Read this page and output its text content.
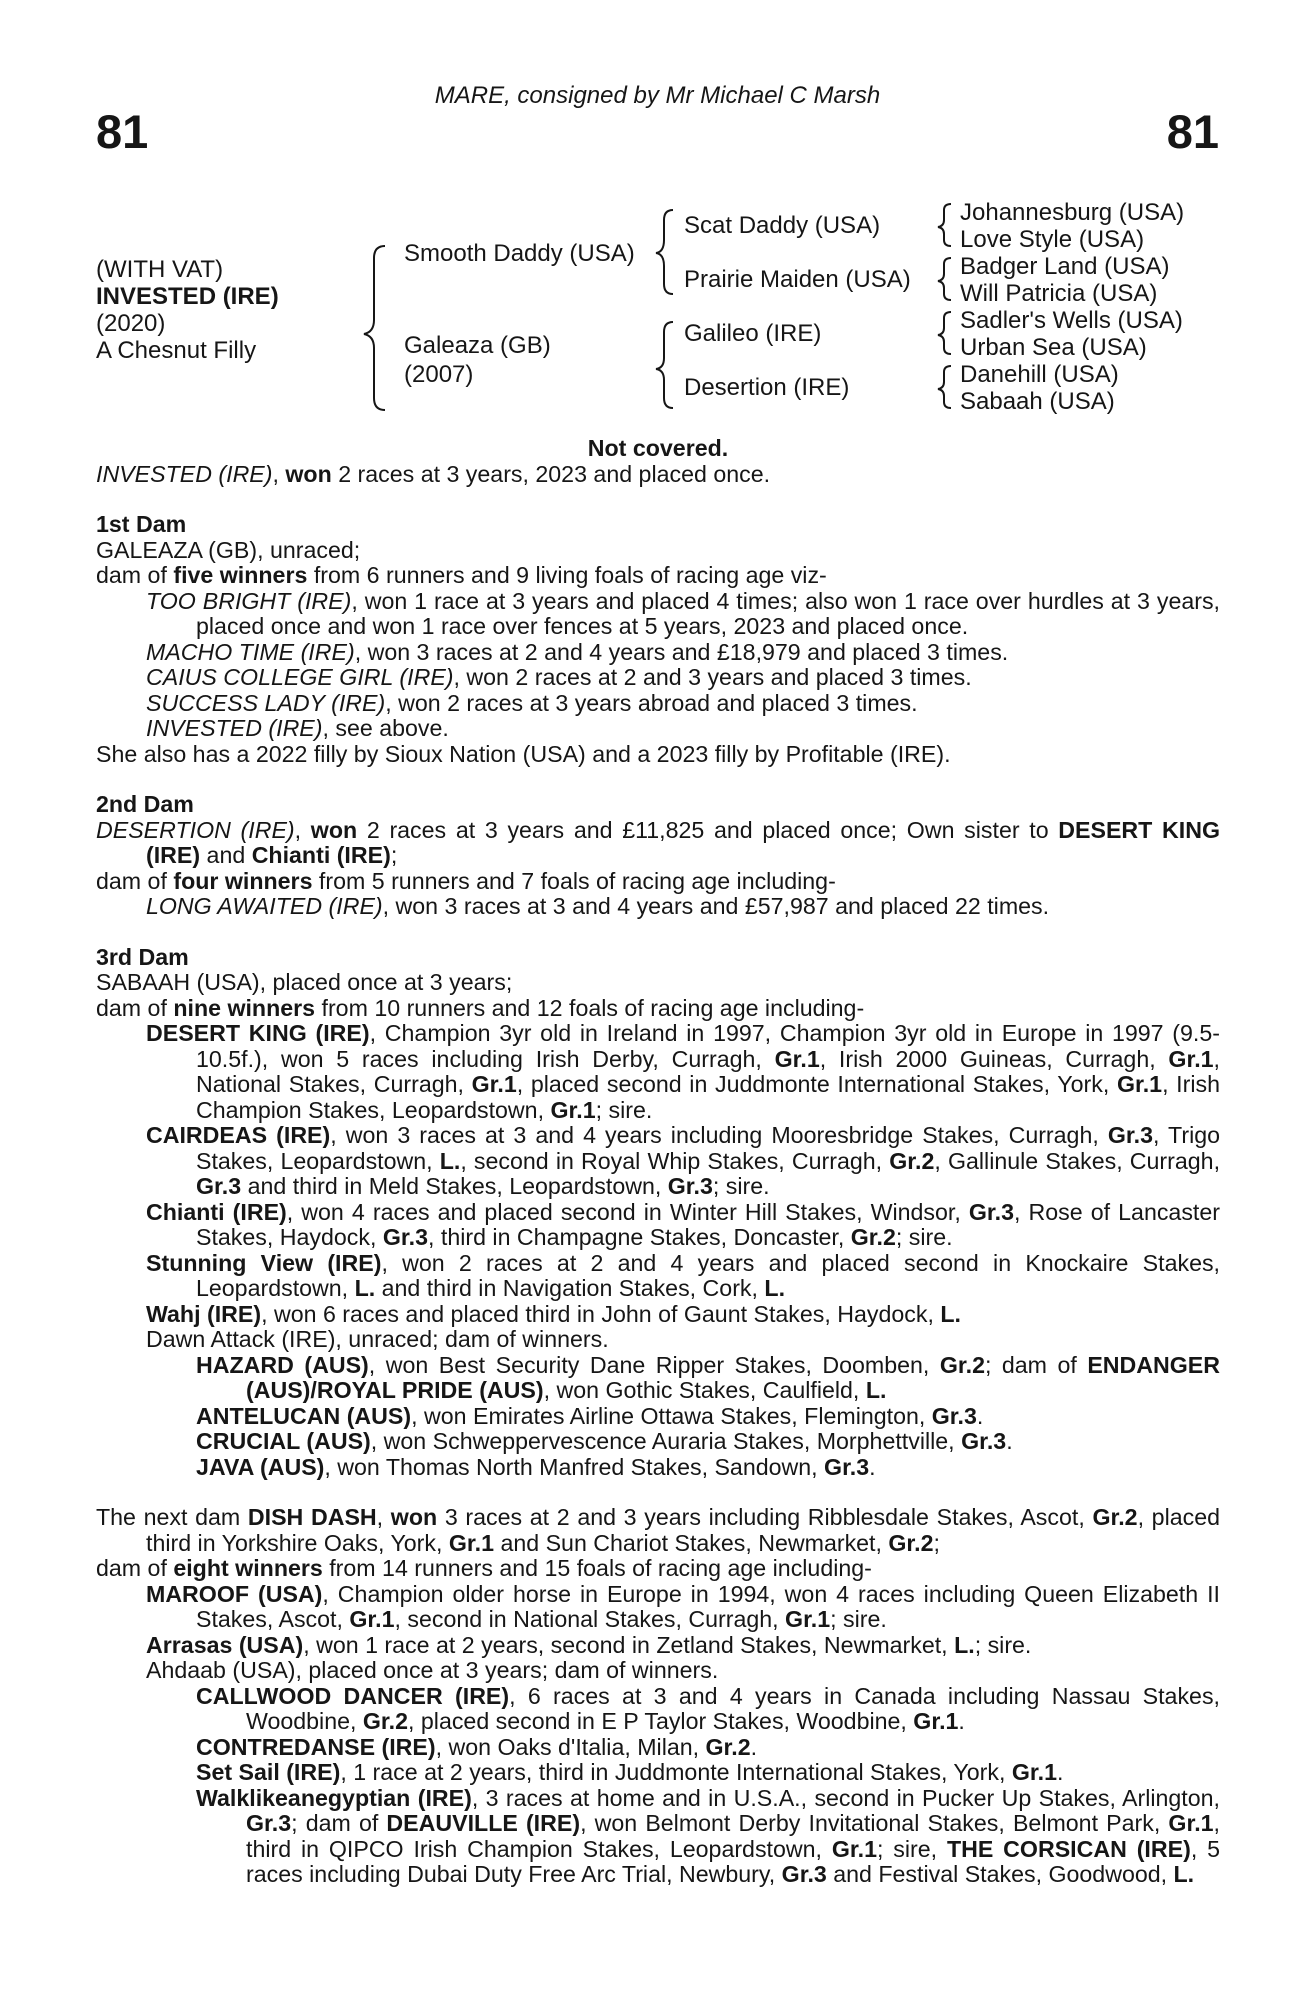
81	81
MARE, consigned by Mr Michael C Marsh
(WITH VAT)
INVESTED (IRE)
(2020)
A Chesnut Filly
Smooth Daddy (USA)
Galeaza (GB)
(2007)
Scat Daddy (USA)
Prairie Maiden (USA)
Galileo (IRE)
Desertion (IRE)
Johannesburg (USA)
Love Style (USA)
Badger Land (USA)
Will Patricia (USA)
Sadler's Wells (USA)
Urban Sea (USA)
Danehill (USA)
Sabaah (USA)

Not covered.

INVESTED (IRE), won 2 races at 3 years, 2023 and placed once.

1st Dam

GALEAZA (GB), unraced;

dam of five winners from 6 runners and 9 living foals of racing age viz-

TOO BRIGHT (IRE), won 1 race at 3 years and placed 4 times; also won 1 race over hurdles at 3 years, placed once and won 1 race over fences at 5 years, 2023 and placed once.

MACHO TIME (IRE), won 3 races at 2 and 4 years and £18,979 and placed 3 times.

CAIUS COLLEGE GIRL (IRE), won 2 races at 2 and 3 years and placed 3 times.

SUCCESS LADY (IRE), won 2 races at 3 years abroad and placed 3 times.

INVESTED (IRE), see above.

She also has a 2022 filly by Sioux Nation (USA) and a 2023 filly by Profitable (IRE).

2nd Dam

DESERTION (IRE), won 2 races at 3 years and £11,825 and placed once; Own sister to DESERT KING (IRE) and Chianti (IRE);

dam of four winners from 5 runners and 7 foals of racing age including-

LONG AWAITED (IRE), won 3 races at 3 and 4 years and £57,987 and placed 22 times.

3rd Dam

SABAAH (USA), placed once at 3 years;

dam of nine winners from 10 runners and 12 foals of racing age including-

DESERT KING (IRE), Champion 3yr old in Ireland in 1997, Champion 3yr old in Europe in 1997 (9.5-10.5f.), won 5 races including Irish Derby, Curragh, Gr.1, Irish 2000 Guineas, Curragh, Gr.1, National Stakes, Curragh, Gr.1, placed second in Juddmonte International Stakes, York, Gr.1, Irish Champion Stakes, Leopardstown, Gr.1; sire.

CAIRDEAS (IRE), won 3 races at 3 and 4 years including Mooresbridge Stakes, Curragh, Gr.3, Trigo Stakes, Leopardstown, L., second in Royal Whip Stakes, Curragh, Gr.2, Gallinule Stakes, Curragh, Gr.3 and third in Meld Stakes, Leopardstown, Gr.3; sire.

Chianti (IRE), won 4 races and placed second in Winter Hill Stakes, Windsor, Gr.3, Rose of Lancaster Stakes, Haydock, Gr.3, third in Champagne Stakes, Doncaster, Gr.2; sire.

Stunning View (IRE), won 2 races at 2 and 4 years and placed second in Knockaire Stakes, Leopardstown, L. and third in Navigation Stakes, Cork, L.

Wahj (IRE), won 6 races and placed third in John of Gaunt Stakes, Haydock, L.

Dawn Attack (IRE), unraced; dam of winners.

HAZARD (AUS), won Best Security Dane Ripper Stakes, Doomben, Gr.2; dam of ENDANGER (AUS)/ROYAL PRIDE (AUS), won Gothic Stakes, Caulfield, L.

ANTELUCAN (AUS), won Emirates Airline Ottawa Stakes, Flemington, Gr.3.

CRUCIAL (AUS), won Schweppervescence Auraria Stakes, Morphettville, Gr.3.

JAVA (AUS), won Thomas North Manfred Stakes, Sandown, Gr.3.

The next dam DISH DASH, won 3 races at 2 and 3 years including Ribblesdale Stakes, Ascot, Gr.2, placed third in Yorkshire Oaks, York, Gr.1 and Sun Chariot Stakes, Newmarket, Gr.2;

dam of eight winners from 14 runners and 15 foals of racing age including-

MAROOF (USA), Champion older horse in Europe in 1994, won 4 races including Queen Elizabeth II Stakes, Ascot, Gr.1, second in National Stakes, Curragh, Gr.1; sire.

Arrasas (USA), won 1 race at 2 years, second in Zetland Stakes, Newmarket, L.; sire.

Ahdaab (USA), placed once at 3 years; dam of winners.

CALLWOOD DANCER (IRE), 6 races at 3 and 4 years in Canada including Nassau Stakes, Woodbine, Gr.2, placed second in E P Taylor Stakes, Woodbine, Gr.1.

CONTREDANSE (IRE), won Oaks d'Italia, Milan, Gr.2.

Set Sail (IRE), 1 race at 2 years, third in Juddmonte International Stakes, York, Gr.1.

Walklikeanegyptian (IRE), 3 races at home and in U.S.A., second in Pucker Up Stakes, Arlington, Gr.3; dam of DEAUVILLE (IRE), won Belmont Derby Invitational Stakes, Belmont Park, Gr.1, third in QIPCO Irish Champion Stakes, Leopardstown, Gr.1; sire, THE CORSICAN (IRE), 5 races including Dubai Duty Free Arc Trial, Newbury, Gr.3 and Festival Stakes, Goodwood, L.
